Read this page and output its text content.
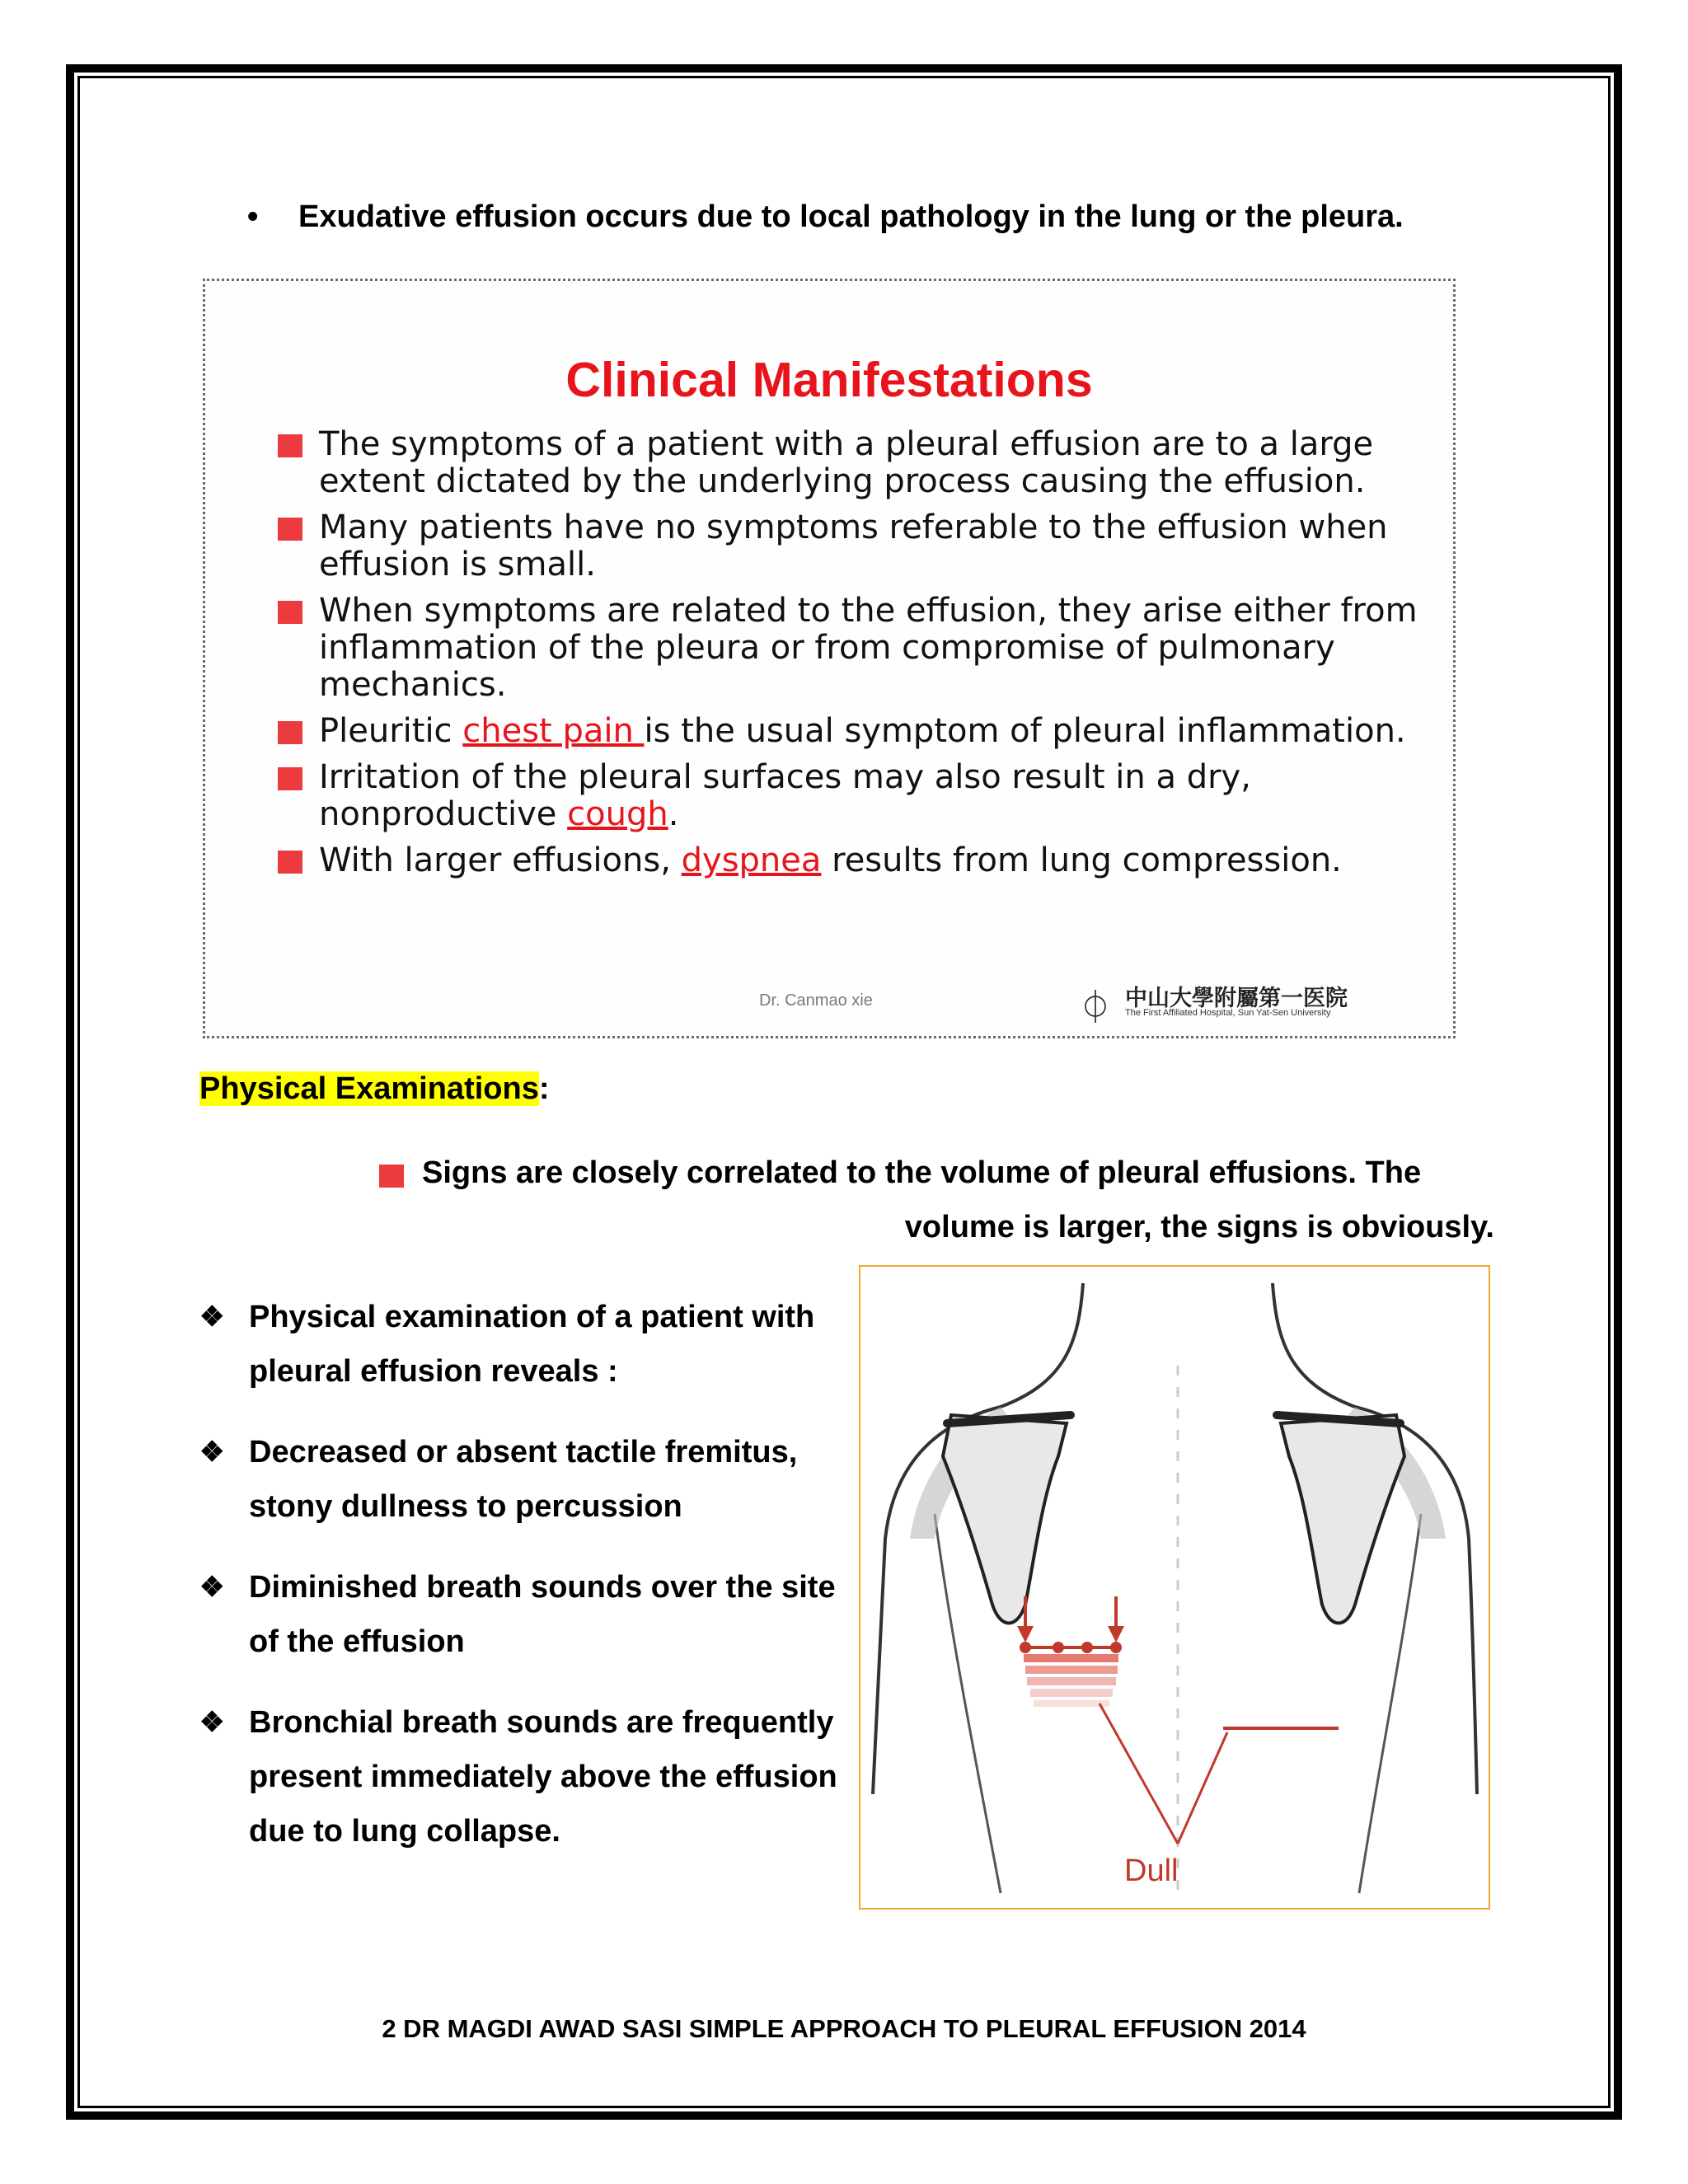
• Exudative effusion occurs due to local pathology in the lung or the pleura.
Clinical Manifestations
The symptoms of a patient with a pleural effusion are to a large extent dictated by the underlying process causing the effusion.
Many patients have no symptoms referable to the effusion when effusion is small.
When symptoms are related to the effusion, they arise either from inflammation of the pleura or from compromise of pulmonary mechanics.
Pleuritic chest pain is the usual symptom of pleural inflammation.
Irritation of the pleural surfaces may also result in a dry, nonproductive cough.
With larger effusions, dyspnea results from lung compression.
Dr. Canmao xie	⏀ 中山大學附屬第一医院
The First Affiliated Hospital, Sun Yat-Sen University
Physical Examinations:
Signs are closely correlated to the volume of pleural effusions. The
volume is larger, the signs is obviously.
❖ Physical examination of a patient with pleural effusion reveals :
❖ Decreased or absent tactile fremitus, stony dullness to percussion
❖ Diminished breath sounds over the site of the effusion
❖ Bronchial breath sounds are frequently present immediately above the effusion due to lung collapse.
Dull
2 DR MAGDI AWAD SASI SIMPLE APPROACH TO PLEURAL EFFUSION 2014
